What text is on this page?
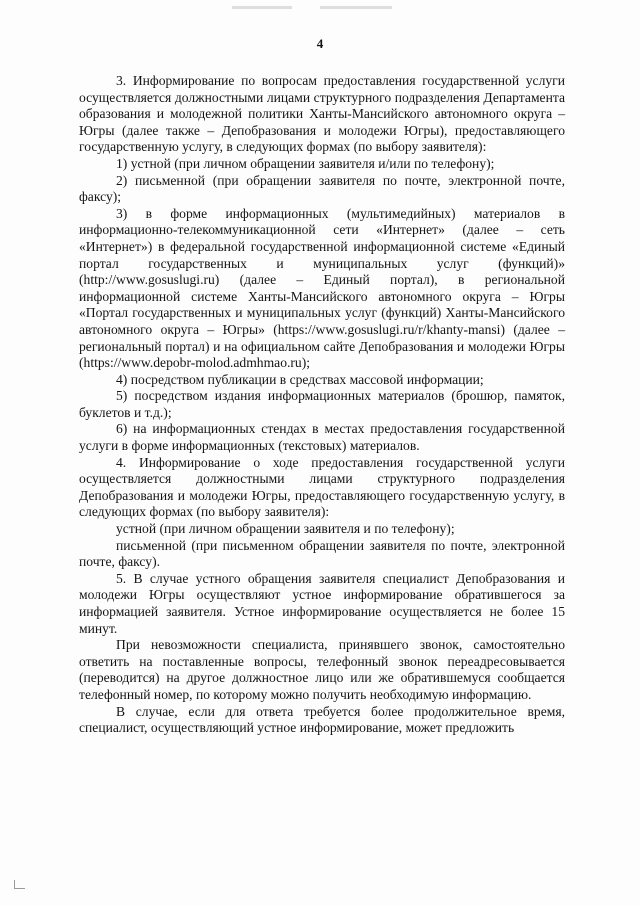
4

3. Информирование по вопросам предоставления государственной услуги осуществляется должностными лицами структурного подразделения Департамента образования и молодежной политики Ханты-Мансийского автономного округа – Югры (далее также – Депобразования и молодежи Югры), предоставляющего государственную услугу, в следующих формах (по выбору заявителя):

1) устной (при личном обращении заявителя и/или по телефону);

2) письменной (при обращении заявителя по почте, электронной почте, факсу);

3) в форме информационных (мультимедийных) материалов в информационно-телекоммуникационной сети «Интернет» (далее – сеть «Интернет») в федеральной государственной информационной системе «Единый портал государственных и муниципальных услуг (функций)» (http://www.gosuslugi.ru) (далее – Единый портал), в региональной информационной системе Ханты-Мансийского автономного округа – Югры «Портал государственных и муниципальных услуг (функций) Ханты-Мансийского автономного округа – Югры» (https://www.gosuslugi.ru/r/khanty-mansi) (далее – региональный портал) и на официальном сайте Депобразования и молодежи Югры (https://www.depobr-molod.admhmao.ru);

4) посредством публикации в средствах массовой информации;

5) посредством издания информационных материалов (брошюр, памяток, буклетов и т.д.);

6) на информационных стендах в местах предоставления государственной услуги в форме информационных (текстовых) материалов.

4. Информирование о ходе предоставления государственной услуги осуществляется должностными лицами структурного подразделения Депобразования и молодежи Югры, предоставляющего государственную услугу, в следующих формах (по выбору заявителя):

устной (при личном обращении заявителя и по телефону);

письменной (при письменном обращении заявителя по почте, электронной почте, факсу).

5. В случае устного обращения заявителя специалист Депобразования и молодежи Югры осуществляют устное информирование обратившегося за информацией заявителя. Устное информирование осуществляется не более 15 минут.

При невозможности специалиста, принявшего звонок, самостоятельно ответить на поставленные вопросы, телефонный звонок переадресовывается (переводится) на другое должностное лицо или же обратившемуся сообщается телефонный номер, по которому можно получить необходимую информацию.

В случае, если для ответа требуется более продолжительное время, специалист, осуществляющий устное информирование, может предложить
